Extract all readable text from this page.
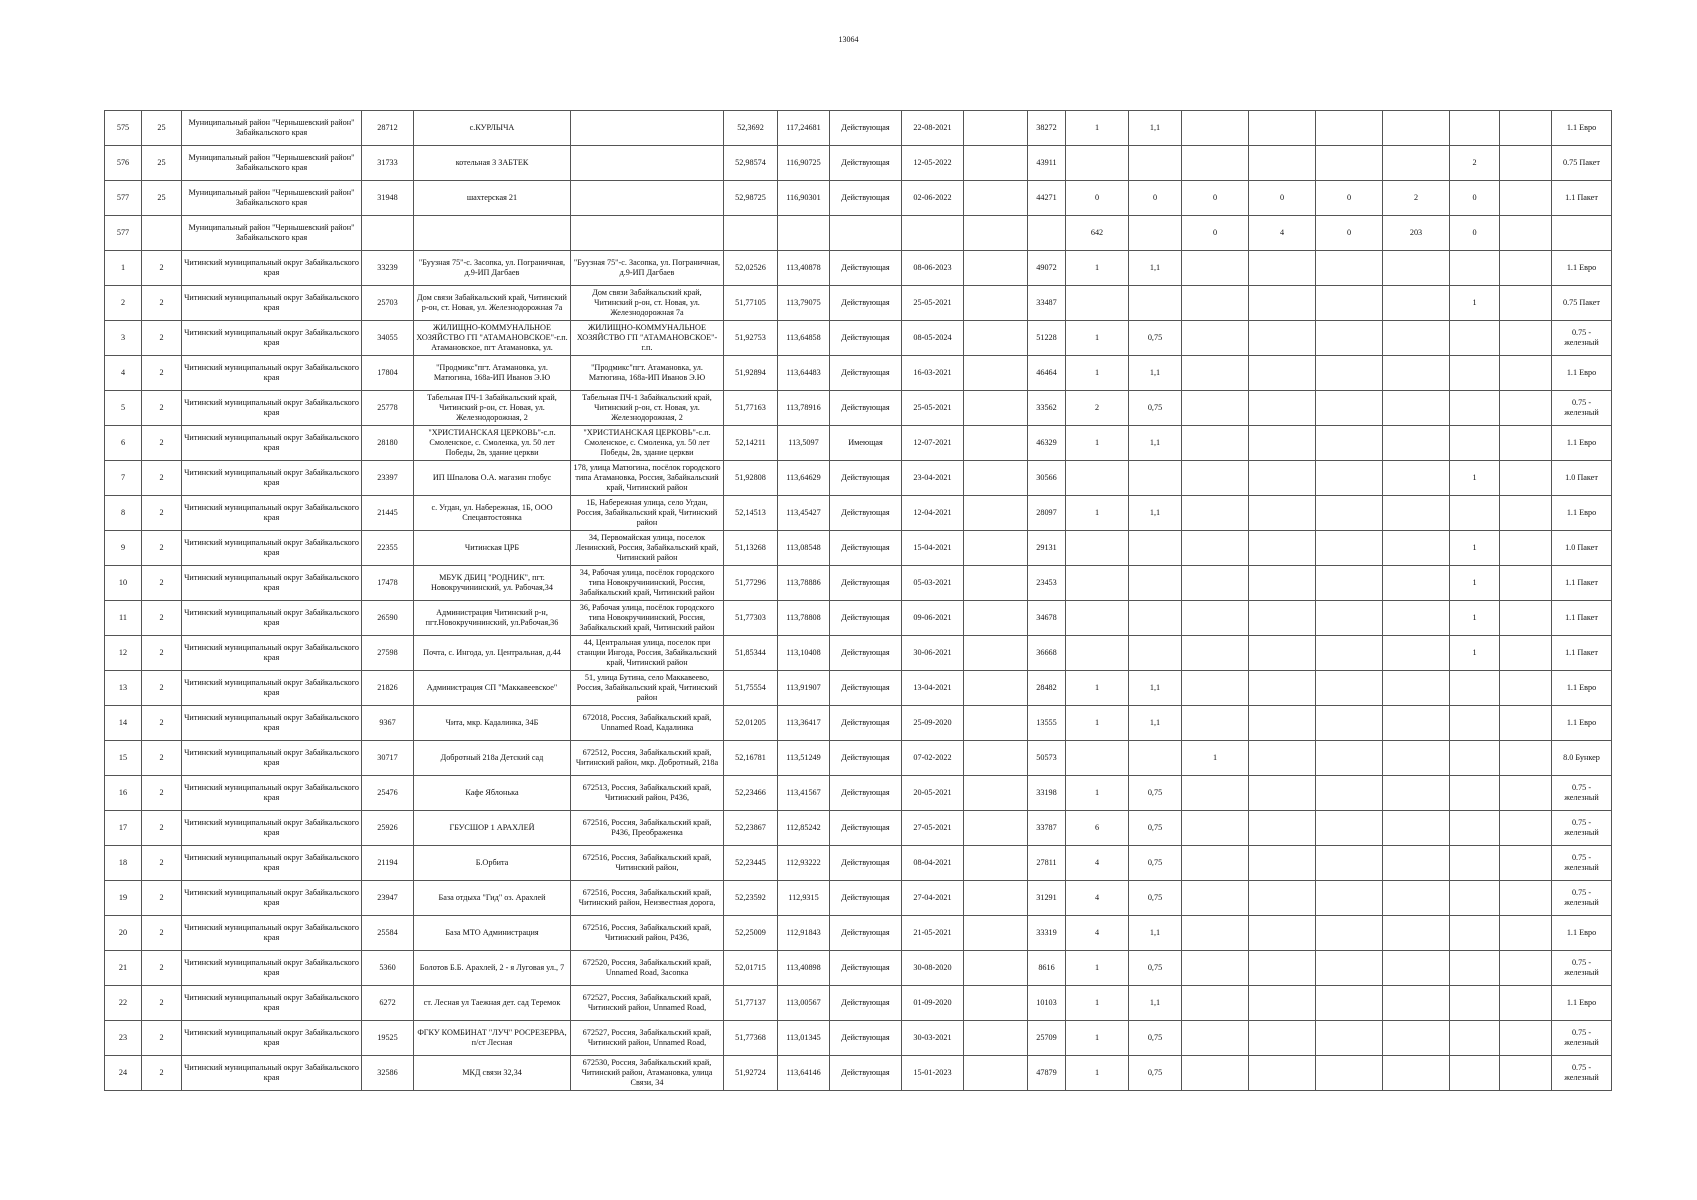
13064
575	25	Муниципальный район "Чернышевский район" Забайкальского края	28712	с.КУРЛЫЧА		52,3692	117,24681	Действующая	22-08-2021		38272	1	1,1							1.1 Евро

576	25	Муниципальный район "Чернышевский район" Забайкальского края	31733	котельная 3 ЗАБТЕК		52,98574	116,90725	Действующая	12-05-2022		43911							2		0.75 Пакет

577	25	Муниципальный район "Чернышевский район" Забайкальского края	31948	шахтерская 21		52,98725	116,90301	Действующая	02-06-2022		44271	0	0	0	0	0	2	0		1.1 Пакет

577		Муниципальный район "Чернышевский район" Забайкальского края										642		0	4	0	203	0		

1	2	Читинский муниципальный округ Забайкальского края	33239	"Буузная 75"-с. Засопка, ул. Пограничная, д.9-ИП Дагбаев	"Буузная 75"-с. Засопка, ул. Пограничная, д.9-ИП Дагбаев	52,02526	113,40878	Действующая	08-06-2023		49072	1	1,1							1.1 Евро

2	2	Читинский муниципальный округ Забайкальского края	25703	Дом связи Забайкальский край, Читинский р-он, ст. Новая, ул. Железнодорожная 7а	Дом связи Забайкальский край, Читинский р-он, ст. Новая, ул. Железнодорожная 7а	51,77105	113,79075	Действующая	25-05-2021		33487							1		0.75 Пакет

3	2	Читинский муниципальный округ Забайкальского края	34055	ЖИЛИЩНО-КОММУНАЛЬНОЕ ХОЗЯЙСТВО ГП "АТАМАНОВСКОЕ"-г.п. Атамановское, пгт Атамановка, ул.	ЖИЛИЩНО-КОММУНАЛЬНОЕ ХОЗЯЙСТВО ГП "АТАМАНОВСКОЕ"-г.п.	51,92753	113,64858	Действующая	08-05-2024		51228	1	0,75							0.75 - железный

4	2	Читинский муниципальный округ Забайкальского края	17804	"Продмикс"пгт. Атамановка, ул. Матюгина, 168а-ИП Иванов Э.Ю	"Продмикс"пгт. Атамановка, ул. Матюгина, 168а-ИП Иванов Э.Ю	51,92894	113,64483	Действующая	16-03-2021		46464	1	1,1							1.1 Евро

5	2	Читинский муниципальный округ Забайкальского края	25778	Табельная ПЧ-1 Забайкальский край, Читинский р-он, ст. Новая, ул. Железнодорожная, 2	Табельная ПЧ-1 Забайкальский край, Читинский р-он, ст. Новая, ул. Железнодорожная, 2	51,77163	113,78916	Действующая	25-05-2021		33562	2	0,75							0.75 - железный

6	2	Читинский муниципальный округ Забайкальского края	28180	"ХРИСТИАНСКАЯ ЦЕРКОВЬ"-с.п. Смоленское, с. Смоленка, ул. 50 лет Победы, 2в, здание церкви	"ХРИСТИАНСКАЯ ЦЕРКОВЬ"-с.п. Смоленское, с. Смоленка, ул. 50 лет Победы, 2в, здание церкви	52,14211	113,5097	Имеющая	12-07-2021		46329	1	1,1							1.1 Евро

7	2	Читинский муниципальный округ Забайкальского края	23397	ИП Шпалова О.А. магазин глобус	178, улица Матюгина, посёлок городского типа Атамановка, Россия, Забайкальский край, Читинский район	51,92808	113,64629	Действующая	23-04-2021		30566							1		1.0 Пакет

8	2	Читинский муниципальный округ Забайкальского края	21445	с. Угдан, ул. Набережная, 1Б, ООО Спецавтостоянка	1Б, Набережная улица, село Угдан, Россия, Забайкальский край, Читинский район	52,14513	113,45427	Действующая	12-04-2021		28097	1	1,1							1.1 Евро

9	2	Читинский муниципальный округ Забайкальского края	22355	Читинская ЦРБ	34, Первомайская улица, поселок Ленинский, Россия, Забайкальский край, Читинский район	51,13268	113,08548	Действующая	15-04-2021		29131							1		1.0 Пакет

10	2	Читинский муниципальный округ Забайкальского края	17478	МБУК ДБИЦ "РОДНИК", пгт. Новокручининский, ул. Рабочая,34	34, Рабочая улица, посёлок городского типа Новокручининский, Россия, Забайкальский край, Читинский район	51,77296	113,78886	Действующая	05-03-2021		23453							1		1.1 Пакет

11	2	Читинский муниципальный округ Забайкальского края	26590	Администрация Читинский р-н, пгт.Новокручининский, ул.Рабочая,36	36, Рабочая улица, посёлок городского типа Новокручининский, Россия, Забайкальский край, Читинский район	51,77303	113,78808	Действующая	09-06-2021		34678							1		1.1 Пакет

12	2	Читинский муниципальный округ Забайкальского края	27598	Почта, с. Ингода, ул. Центральная, д.44	44, Центральная улица, поселок при станции Ингода, Россия, Забайкальский край, Читинский район	51,85344	113,10408	Действующая	30-06-2021		36668							1		1.1 Пакет

13	2	Читинский муниципальный округ Забайкальского края	21826	Администрация СП "Маккавеевское"	51, улица Бутина, село Маккавеево, Россия, Забайкальский край, Читинский район	51,75554	113,91907	Действующая	13-04-2021		28482	1	1,1							1.1 Евро

14	2	Читинский муниципальный округ Забайкальского края	9367	Чита, мкр. Кадалинка, 34Б	672018, Россия, Забайкальский край, Unnamed Road, Кадалинка	52,01205	113,36417	Действующая	25-09-2020		13555	1	1,1							1.1 Евро

15	2	Читинский муниципальный округ Забайкальского края	30717	Добротный 218а Детский сад	672512, Россия, Забайкальский край, Читинский район, мкр. Добротный, 218а	52,16781	113,51249	Действующая	07-02-2022		50573			1						8.0 Бункер

16	2	Читинский муниципальный округ Забайкальского края	25476	Кафе Яблонька	672513, Россия, Забайкальский край, Читинский район, Р436,	52,23466	113,41567	Действующая	20-05-2021		33198	1	0,75							0.75 - железный

17	2	Читинский муниципальный округ Забайкальского края	25926	ГБУСШОР 1 АРАХЛЕЙ	672516, Россия, Забайкальский край, Р436, Преображенка	52,23867	112,85242	Действующая	27-05-2021		33787	6	0,75							0.75 - железный

18	2	Читинский муниципальный округ Забайкальского края	21194	Б.Орбита	672516, Россия, Забайкальский край, Читинский район,	52,23445	112,93222	Действующая	08-04-2021		27811	4	0,75							0.75 - железный

19	2	Читинский муниципальный округ Забайкальского края	23947	База отдыха "Гид" оз. Арахлей	672516, Россия, Забайкальский край, Читинский район, Неизвестная дорога,	52,23592	112,9315	Действующая	27-04-2021		31291	4	0,75							0.75 - железный

20	2	Читинский муниципальный округ Забайкальского края	25584	База МТО Администрация	672516, Россия, Забайкальский край, Читинский район, Р436,	52,25009	112,91843	Действующая	21-05-2021		33319	4	1,1							1.1 Евро

21	2	Читинский муниципальный округ Забайкальского края	5360	Болотов Б.Б. Арахлей, 2 - я Луговая ул., 7	672520, Россия, Забайкальский край, Unnamed Road, Засопка	52,01715	113,40898	Действующая	30-08-2020		8616	1	0,75							0.75 - железный

22	2	Читинский муниципальный округ Забайкальского края	6272	ст. Лесная ул Таежная дет. сад Теремок	672527, Россия, Забайкальский край, Читинский район, Unnamed Road,	51,77137	113,00567	Действующая	01-09-2020		10103	1	1,1							1.1 Евро

23	2	Читинский муниципальный округ Забайкальского края	19525	ФГКУ КОМБИНАТ "ЛУЧ" РОСРЕЗЕРВА, п/ст Лесная	672527, Россия, Забайкальский край, Читинский район, Unnamed Road,	51,77368	113,01345	Действующая	30-03-2021		25709	1	0,75							0.75 - железный

24	2	Читинский муниципальный округ Забайкальского края	32586	МКД связи 32,34	672530, Россия, Забайкальский край, Читинский район, Атамановка, улица Связи, 34	51,92724	113,64146	Действующая	15-01-2023		47879	1	0,75							0.75 - железный
